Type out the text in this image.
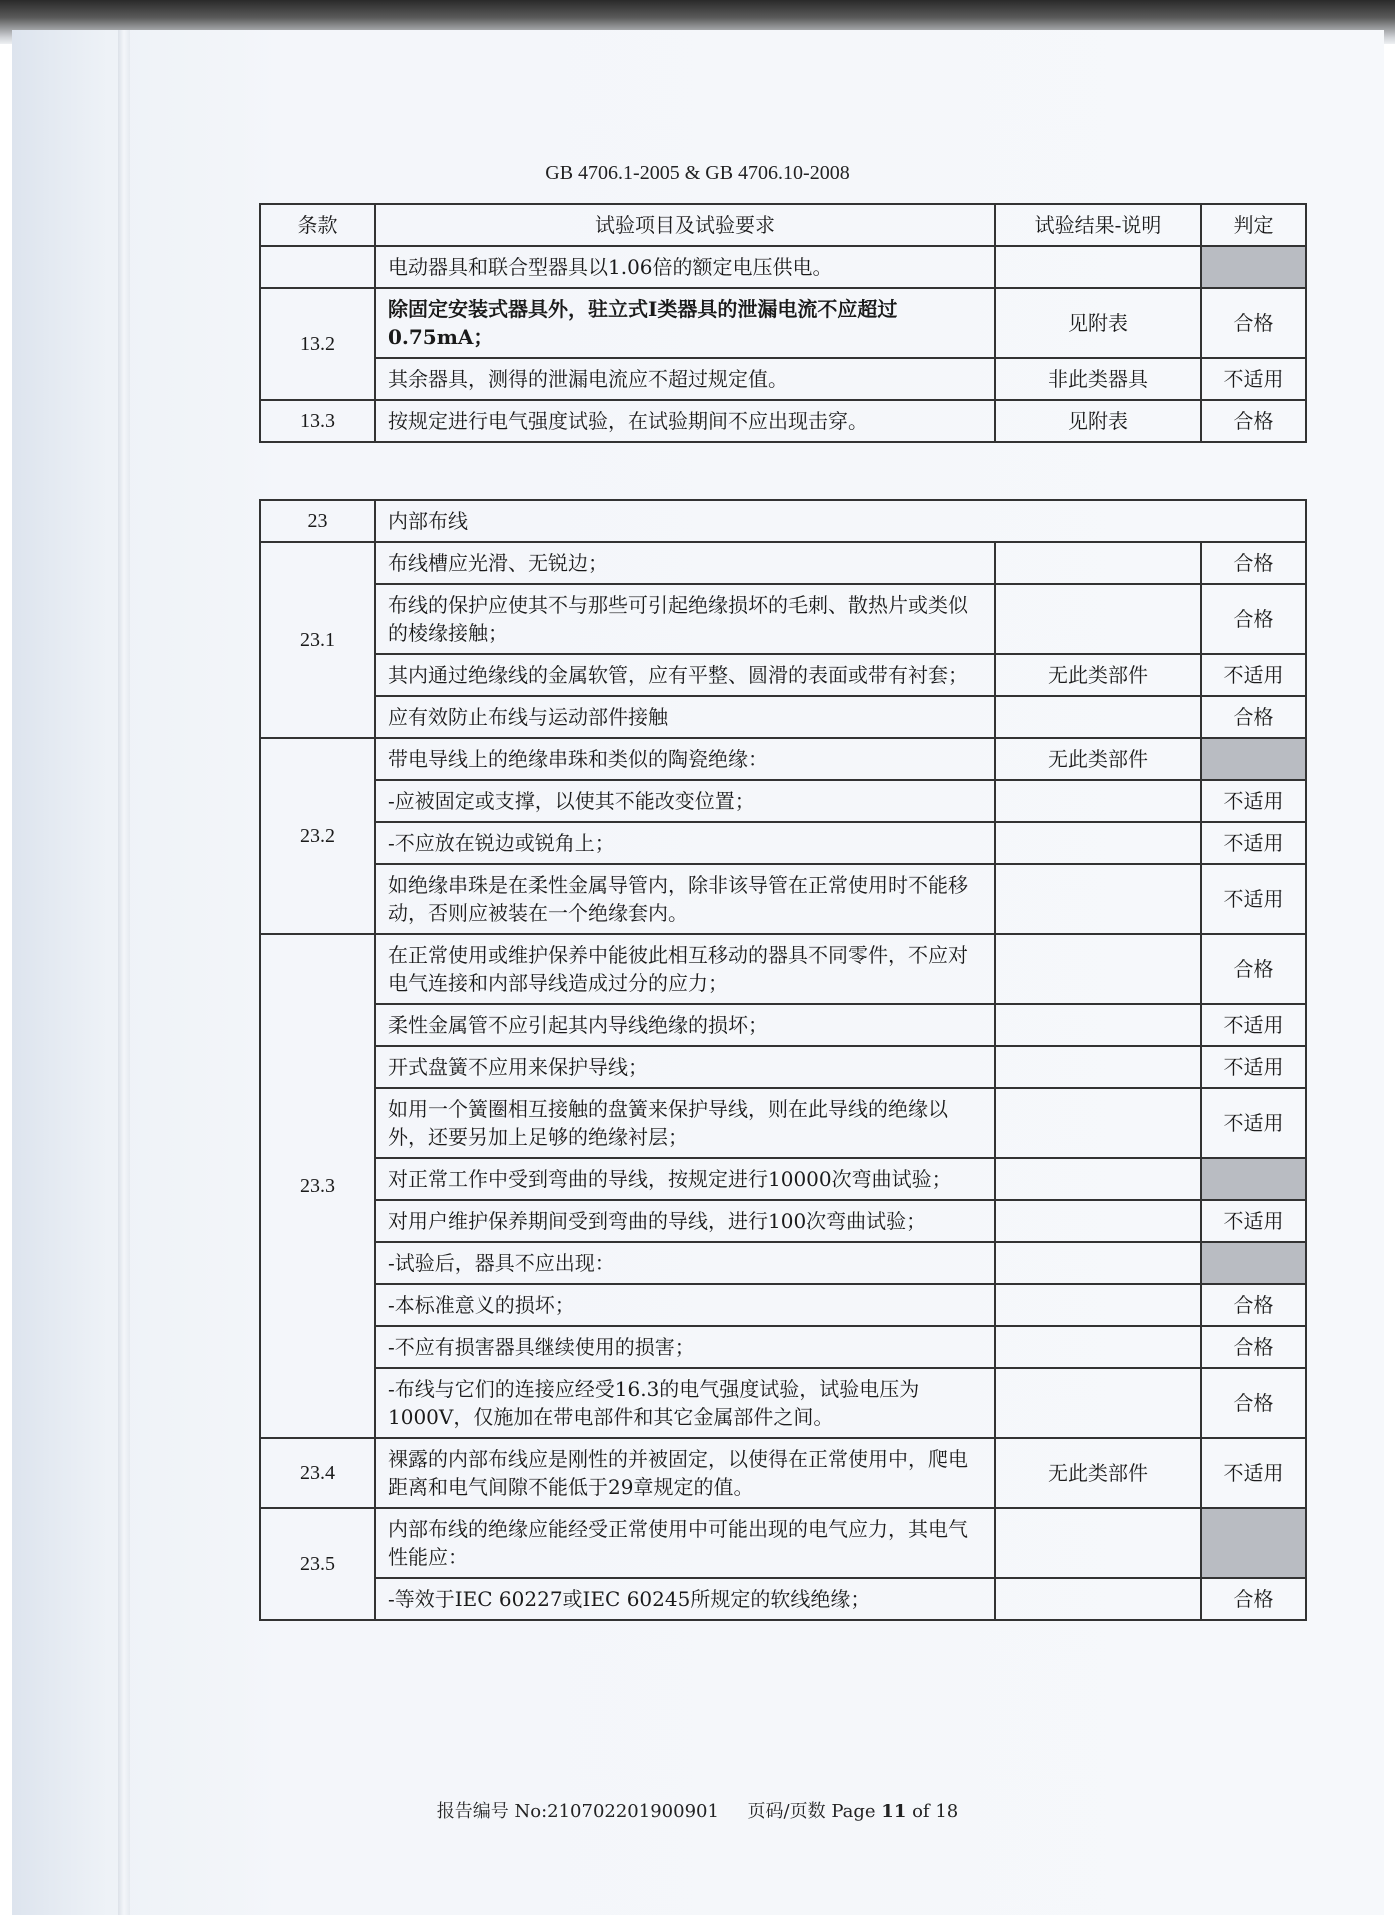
GB 4706.1-2005 & GB 4706.10-2008
条款	试验项目及试验要求	试验结果-说明	判定
	电动器具和联合型器具以1.06倍的额定电压供电。		
13.2	除固定安装式器具外，驻立式Ⅰ类器具的泄漏电流不应超过0.75mA；	见附表	合格
	其余器具，测得的泄漏电流应不超过规定值。	非此类器具	不适用
13.3	按规定进行电气强度试验，在试验期间不应出现击穿。	见附表	合格
23	内部布线		
23.1	布线槽应光滑、无锐边；		合格
	布线的保护应使其不与那些可引起绝缘损坏的毛刺、散热片或类似的棱缘接触；		合格
	其内通过绝缘线的金属软管，应有平整、圆滑的表面或带有衬套；	无此类部件	不适用
	应有效防止布线与运动部件接触		合格
23.2	带电导线上的绝缘串珠和类似的陶瓷绝缘：	无此类部件	
	-应被固定或支撑，以使其不能改变位置；		不适用
	-不应放在锐边或锐角上；		不适用
	如绝缘串珠是在柔性金属导管内，除非该导管在正常使用时不能移动，否则应被装在一个绝缘套内。		不适用
23.3	在正常使用或维护保养中能彼此相互移动的器具不同零件，不应对电气连接和内部导线造成过分的应力；		合格
	柔性金属管不应引起其内导线绝缘的损坏；		不适用
	开式盘簧不应用来保护导线；		不适用
	如用一个簧圈相互接触的盘簧来保护导线，则在此导线的绝缘以外，还要另加上足够的绝缘衬层；		不适用
	对正常工作中受到弯曲的导线，按规定进行10000次弯曲试验；		
	对用户维护保养期间受到弯曲的导线，进行100次弯曲试验；		不适用
	-试验后，器具不应出现：		
	-本标准意义的损坏；		合格
	-不应有损害器具继续使用的损害；		合格
	-布线与它们的连接应经受16.3的电气强度试验，试验电压为1000V，仅施加在带电部件和其它金属部件之间。		合格
23.4	裸露的内部布线应是刚性的并被固定，以使得在正常使用中，爬电距离和电气间隙不能低于29章规定的值。	无此类部件	不适用
23.5	内部布线的绝缘应能经受正常使用中可能出现的电气应力，其电气性能应：		
	-等效于IEC 60227或IEC 60245所规定的软线绝缘；		合格
报告编号 No:210702201900901 页码/页数 Page 11 of 18
